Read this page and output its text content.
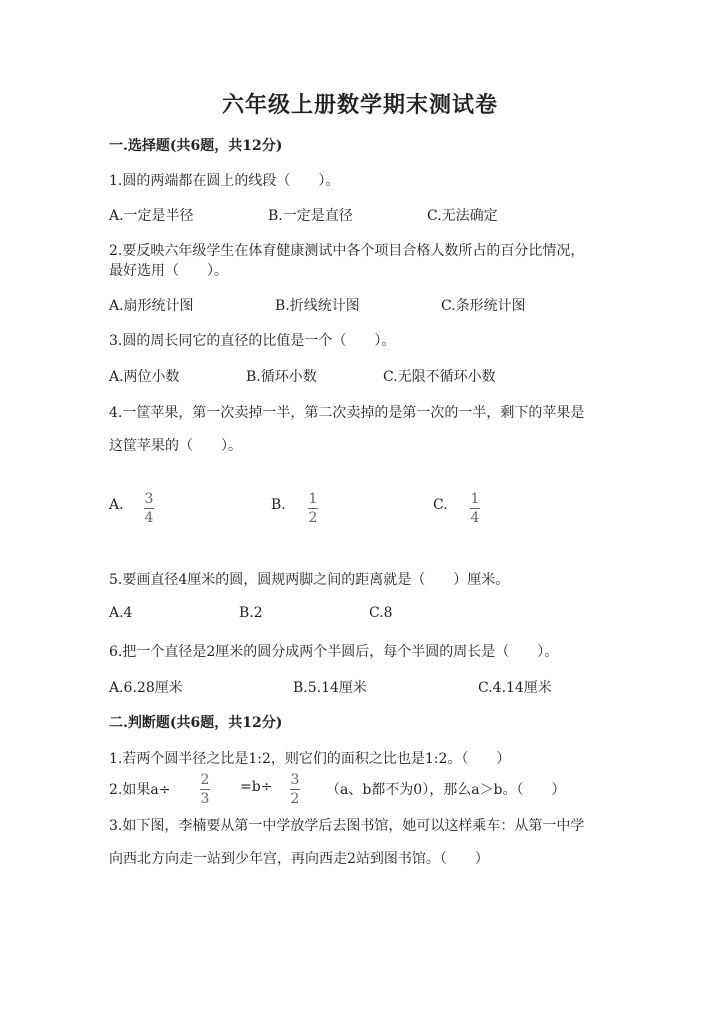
六年级上册数学期末测试卷
一.选择题(共6题，共12分)
1.圆的两端都在圆上的线段（　　）。
A.一定是半径	B.一定是直径	C.无法确定
2.要反映六年级学生在体育健康测试中各个项目合格人数所占的百分比情况，
最好选用（　　）。
A.扇形统计图	B.折线统计图	C.条形统计图
3.圆的周长同它的直径的比值是一个（　　）。
A.两位小数	B.循环小数	C.无限不循环小数
4.一筐苹果，第一次卖掉一半，第二次卖掉的是第一次的一半，剩下的苹果是
这筐苹果的（　　）。
A. 3
4
B. 1
2
C. 1
4
5.要画直径4厘米的圆，圆规两脚之间的距离就是（　　）厘米。
A.4	B.2	C.8
6.把一个直径是2厘米的圆分成两个半圆后，每个半圆的周长是（　　）。
A.6.28厘米	B.5.14厘米	C.4.14厘米
二.判断题(共6题，共12分)
1.若两个圆半径之比是1:2，则它们的面积之比也是1:2。（　　）
2.如果a÷
2
3
=b÷ 3
2
（a、b都不为0），那么a＞b。（　　）
3.如下图，李楠要从第一中学放学后去图书馆，她可以这样乘车：从第一中学
向西北方向走一站到少年宫，再向西走2站到图书馆。（　　）
